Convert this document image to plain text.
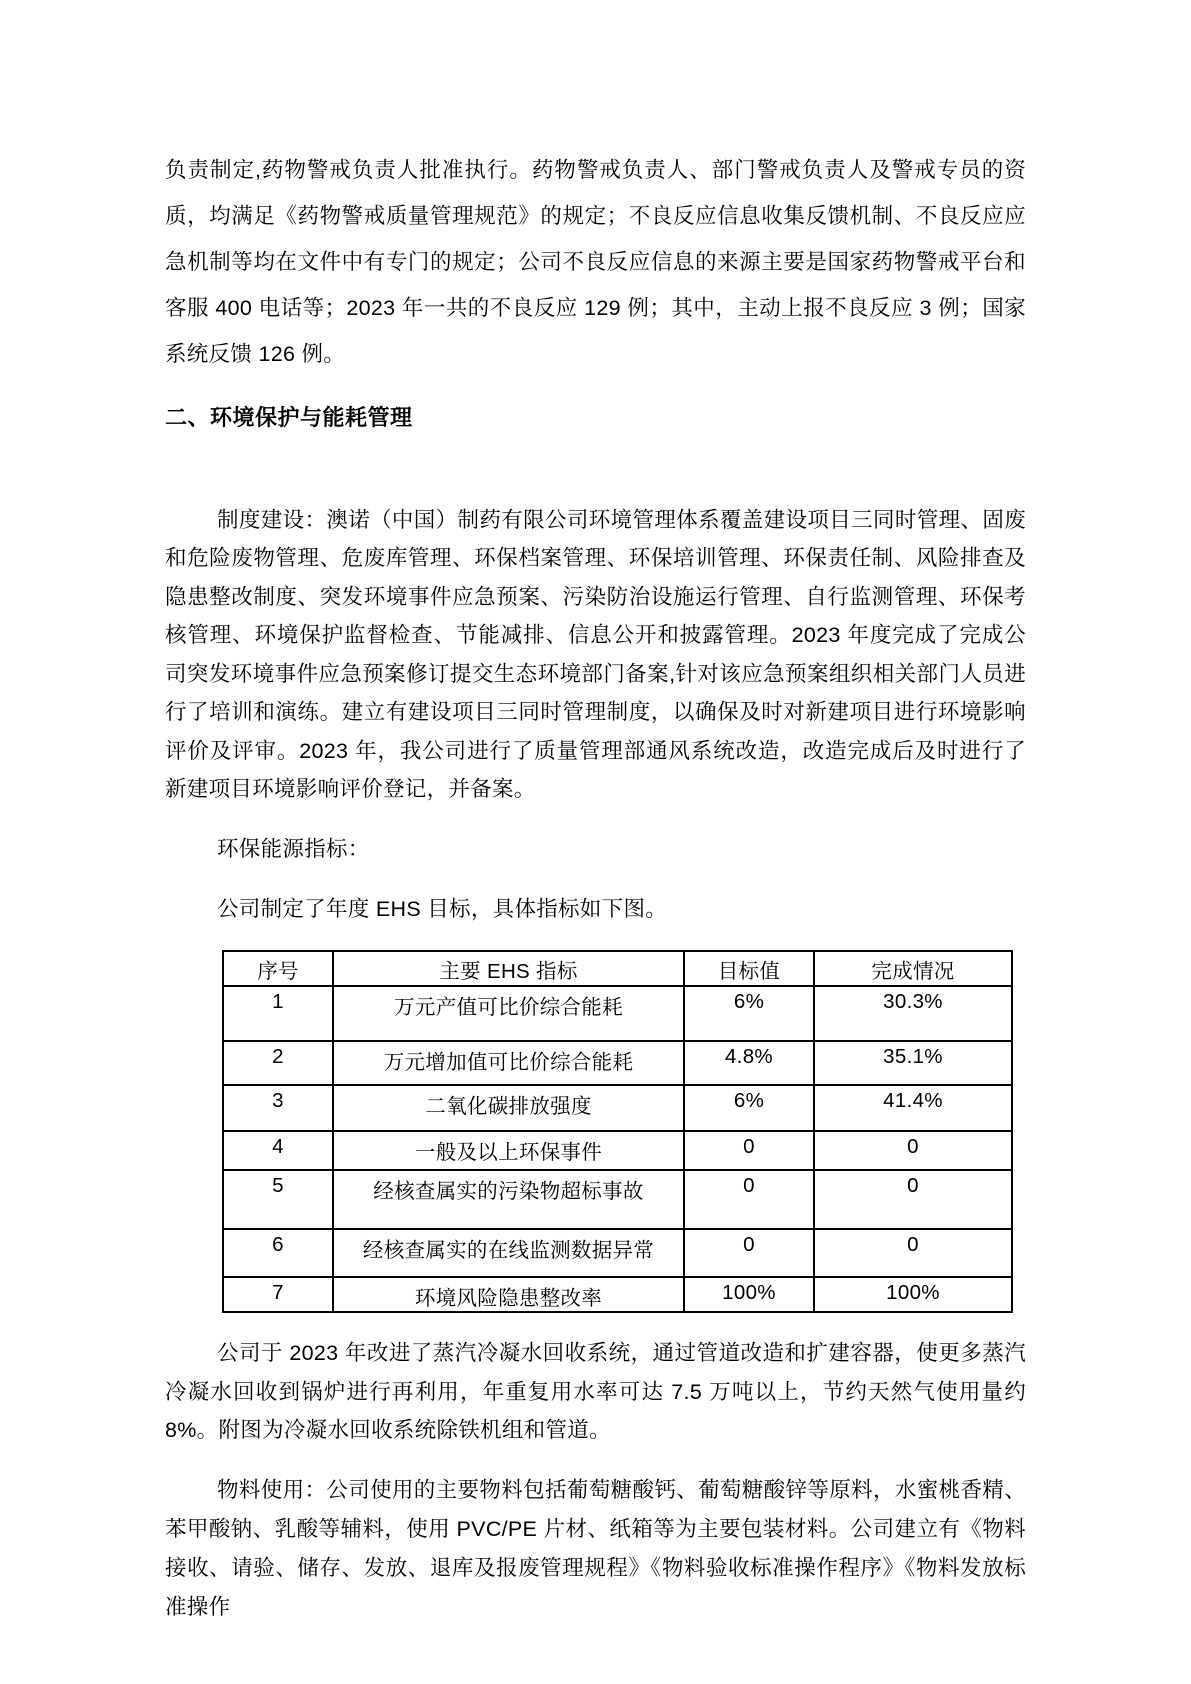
负责制定,药物警戒负责人批准执行。药物警戒负责人、部门警戒负责人及警戒专员的资质，均满足《药物警戒质量管理规范》的规定；不良反应信息收集反馈机制、不良反应应急机制等均在文件中有专门的规定；公司不良反应信息的来源主要是国家药物警戒平台和客服 400 电话等；2023 年一共的不良反应 129 例；其中，主动上报不良反应 3 例；国家系统反馈 126 例。

二、环境保护与能耗管理

制度建设：澳诺（中国）制药有限公司环境管理体系覆盖建设项目三同时管理、固废和危险废物管理、危废库管理、环保档案管理、环保培训管理、环保责任制、风险排查及隐患整改制度、突发环境事件应急预案、污染防治设施运行管理、自行监测管理、环保考核管理、环境保护监督检查、节能减排、信息公开和披露管理。2023 年度完成了完成公司突发环境事件应急预案修订提交生态环境部门备案,针对该应急预案组织相关部门人员进行了培训和演练。建立有建设项目三同时管理制度，以确保及时对新建项目进行环境影响评价及评审。2023 年，我公司进行了质量管理部通风系统改造，改造完成后及时进行了新建项目环境影响评价登记，并备案。

环保能源指标：

公司制定了年度 EHS 目标，具体指标如下图。

序号	主要 EHS 指标	目标值	完成情况
1	万元产值可比价综合能耗	6%	30.3%
2	万元增加值可比价综合能耗	4.8%	35.1%
3	二氧化碳排放强度	6%	41.4%
4	一般及以上环保事件	0	0
5	经核查属实的污染物超标事故	0	0
6	经核查属实的在线监测数据异常	0	0
7	环境风险隐患整改率	100%	100%

公司于 2023 年改进了蒸汽冷凝水回收系统，通过管道改造和扩建容器，使更多蒸汽冷凝水回收到锅炉进行再利用，年重复用水率可达 7.5 万吨以上，节约天然气使用量约 8%。附图为冷凝水回收系统除铁机组和管道。

物料使用：公司使用的主要物料包括葡萄糖酸钙、葡萄糖酸锌等原料，水蜜桃香精、苯甲酸钠、乳酸等辅料，使用 PVC/PE 片材、纸箱等为主要包装材料。公司建立有《物料接收、请验、储存、发放、退库及报废管理规程》《物料验收标准操作程序》《物料发放标准操作
